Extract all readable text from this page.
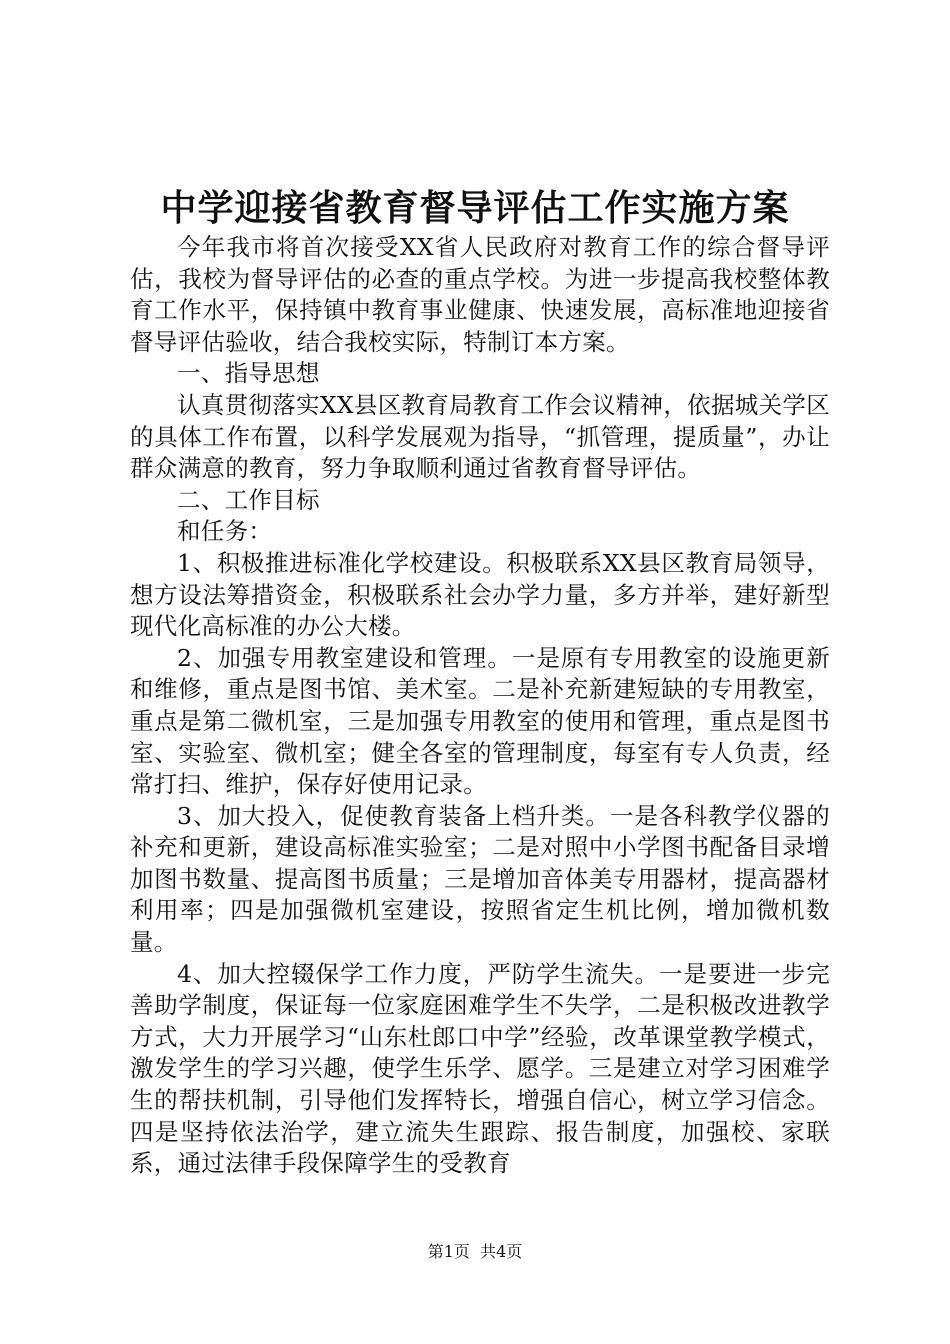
中学迎接省教育督导评估工作实施方案

今年我市将首次接受XX省人民政府对教育工作的综合督导评估，我校为督导评估的必查的重点学校。为进一步提高我校整体教育工作水平，保持镇中教育事业健康、快速发展，高标准地迎接省督导评估验收，结合我校实际，特制订本方案。

一、指导思想

认真贯彻落实XX县区教育局教育工作会议精神，依据城关学区的具体工作布置，以科学发展观为指导，“抓管理，提质量”，办让群众满意的教育，努力争取顺利通过省教育督导评估。

二、工作目标

和任务：

1、积极推进标准化学校建设。积极联系XX县区教育局领导，想方设法筹措资金，积极联系社会办学力量，多方并举，建好新型现代化高标准的办公大楼。

2、加强专用教室建设和管理。一是原有专用教室的设施更新和维修，重点是图书馆、美术室。二是补充新建短缺的专用教室，重点是第二微机室，三是加强专用教室的使用和管理，重点是图书室、实验室、微机室；健全各室的管理制度，每室有专人负责，经常打扫、维护，保存好使用记录。

3、加大投入，促使教育装备上档升类。一是各科教学仪器的补充和更新，建设高标准实验室；二是对照中小学图书配备目录增加图书数量、提高图书质量；三是增加音体美专用器材，提高器材利用率；四是加强微机室建设，按照省定生机比例，增加微机数量。

4、加大控辍保学工作力度，严防学生流失。一是要进一步完善助学制度，保证每一位家庭困难学生不失学，二是积极改进教学方式，大力开展学习“山东杜郎口中学”经验，改革课堂教学模式，激发学生的学习兴趣，使学生乐学、愿学。三是建立对学习困难学生的帮扶机制，引导他们发挥特长，增强自信心，树立学习信念。四是坚持依法治学，建立流失生跟踪、报告制度，加强校、家联系，通过法律手段保障学生的受教育

第1页  共4页
